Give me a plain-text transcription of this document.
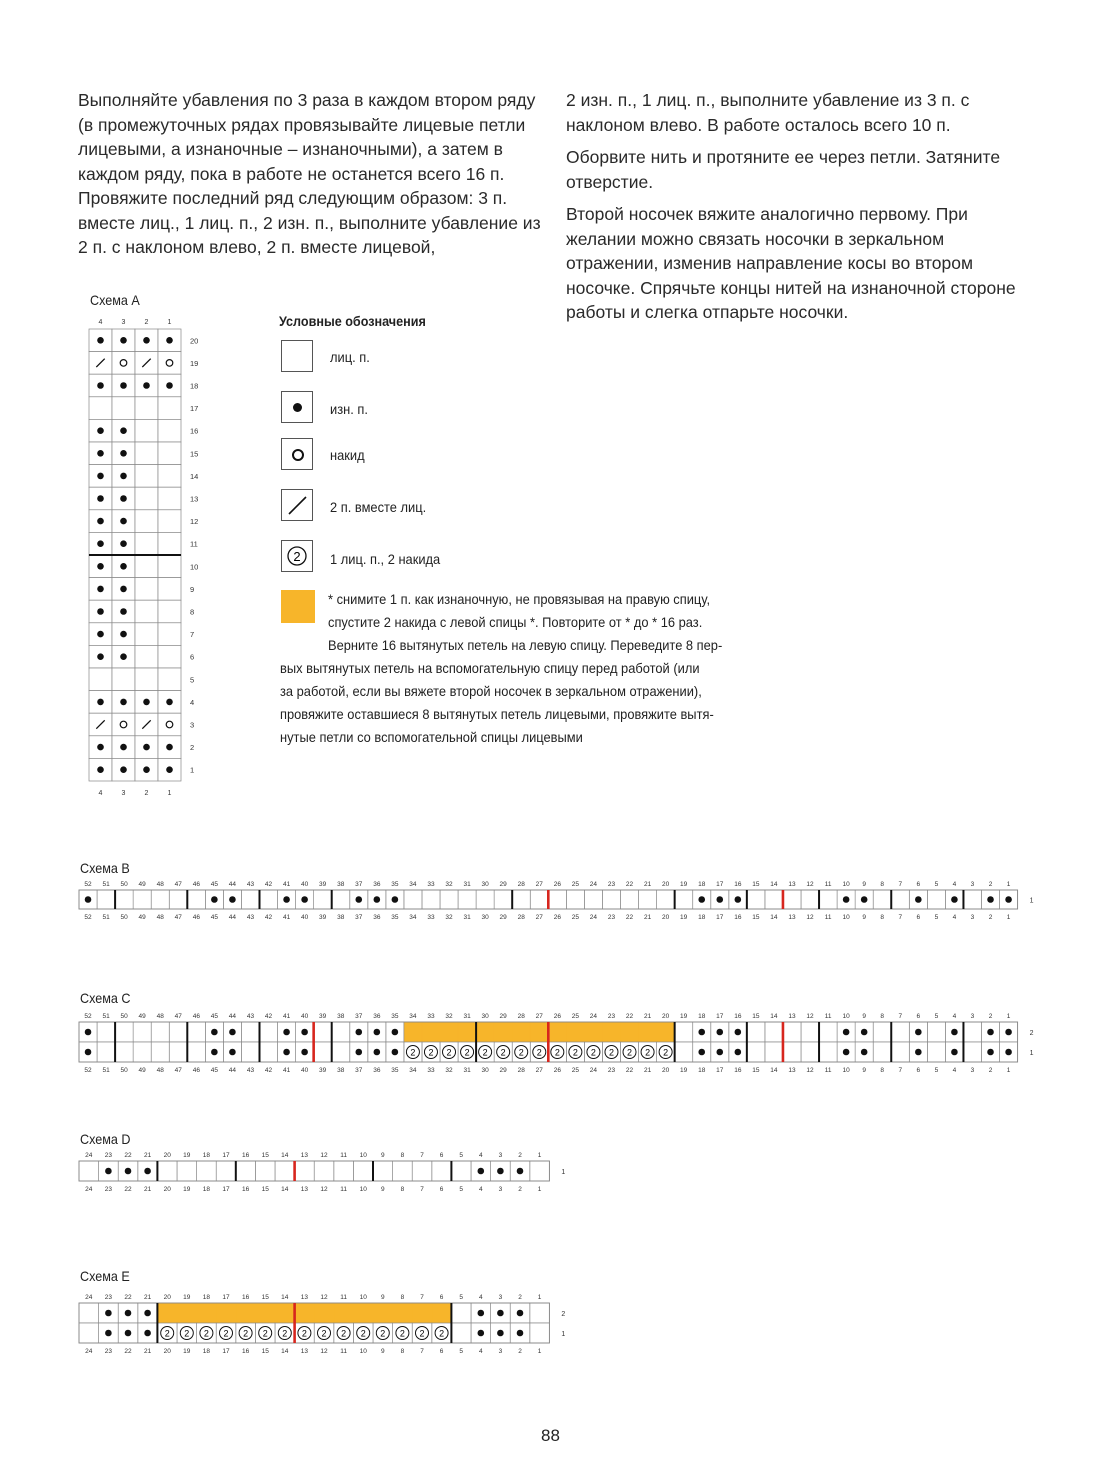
Выполняйте убавления по 3 раза в каждом втором ряду (в промежуточных рядах провязывайте лицевые петли лицевыми, а изнаночные – изнаночными), а затем в каждом ряду, пока в работе не останется всего 16 п. Провяжите последний ряд следующим образом: 3 п. вместе лиц., 1 лиц. п., 2 изн. п., выполните убавление из 2 п. с наклоном влево, 2 п. вместе лицевой,

2 изн. п., 1 лиц. п., выполните убавление из 3 п. с наклоном влево. В работе осталось всего 10 п.

Оборвите нить и протяните ее через петли. Затяните отверстие.

Второй носочек вяжите аналогично первому. При желании можно связать носочки в зеркальном отражении, изменив направление косы во втором носочке. Спрячьте концы нитей на изнаночной стороне работы и слегка отпарьте носочки.

Схема А
Схема B
Схема C
Схема D
Схема E
Условные обозначения
лиц. п.
изн. п.
накид
2 п. вместе лиц.
2 1 лиц. п., 2 накида
* снимите 1 п. как изнаночную, не провязывая на правую спицу,
спустите 2 накида с левой спицы *. Повторите от * до * 16 раз.
Верните 16 вытянутых петель на левую спицу. Переведите 8 пер-
вых вытянутых петель на вспомогательную спицу перед работой (или
за работой, если вы вяжете второй носочек в зеркальном отражении),
провяжите оставшиеся 8 вытянутых петель лицевыми, провяжите вытя-
нутые петли со вспомогательной спицы лицевыми
20
19
18
17
16
15
14
13
12
11
10
9
8
7
6
5
4
3
2
1
4
4
3
3
2
2
1
1
1
1
1
2
2
3
3
4
4
5
5
6
6
7
7
8
8
9
9
10
10
11
11
12
12
13
13
14
14
15
15
16
16
17
17
18
18
19
19
20
20
21
21
22
22
23
23
24
24
25
25
26
26
27
27
28
28
29
29
30
30
31
31
32
32
33
33
34
34
35
35
36
36
37
37
38
38
39
39
40
40
41
41
42
42
43
43
44
44
45
45
46
46
47
47
48
48
49
49
50
50
51
51
52
52
2
2
2
2
2
2
2
2
2
2
2
2
2
2
2
2	1
1
1
2
2
3
3
4
4
5
5
6
6
7
7
8
8
9
9
10
10
11
11
12
12
13
13
14
14
15
15
16
16
17
17
18
18
19
19
20
20
21
21
22
22
23
23
24
24
25
25
26
26
27
27
28
28
29
29
30
30
31
31
32
32
33
33
34
34
35
35
36
36
37
37
38
38
39
39
40
40
41
41
42
42
43
43
44
44
45
45
46
46
47
47
48
48
49
49
50
50
51
51
52
52
1
1
1
2
2
3
3
4
4
5
5
6
6
7
7
8
8
9
9
10
10
11
11
12
12
13
13
14
14
15
15
16
16
17
17
18
18
19
19
20
20
21
21
22
22
23
23
24
24
2
2
2
2
2
2
2
2
2
2
2
2
2
2
2
2	1
1
1
2
2
3
3
4
4
5
5
6
6
7
7
8
8
9
9
10
10
11
11
12
12
13
13
14
14
15
15
16
16
17
17
18
18
19
19
20
20
21
21
22
22
23
23
24
24
88
